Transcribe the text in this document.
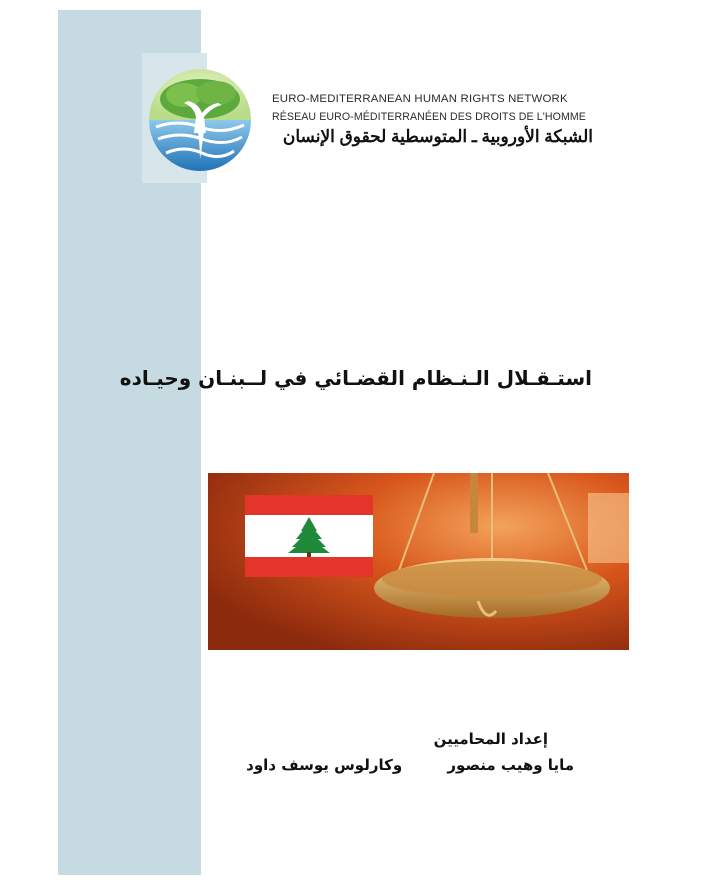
EURO-MEDITERRANEAN HUMAN RIGHTS NETWORK
RÉSEAU EURO-MÉDITERRANÉEN DES DROITS DE L'HOMME
الشبكة الأوروبية ـ المتوسطية لحقوق الإنسان
استـقـلال الـنـظام القضـائي في لــبنـان وحيـاده
إعداد المحاميين
مايا وهيب منصور وكارلوس يوسف داود
